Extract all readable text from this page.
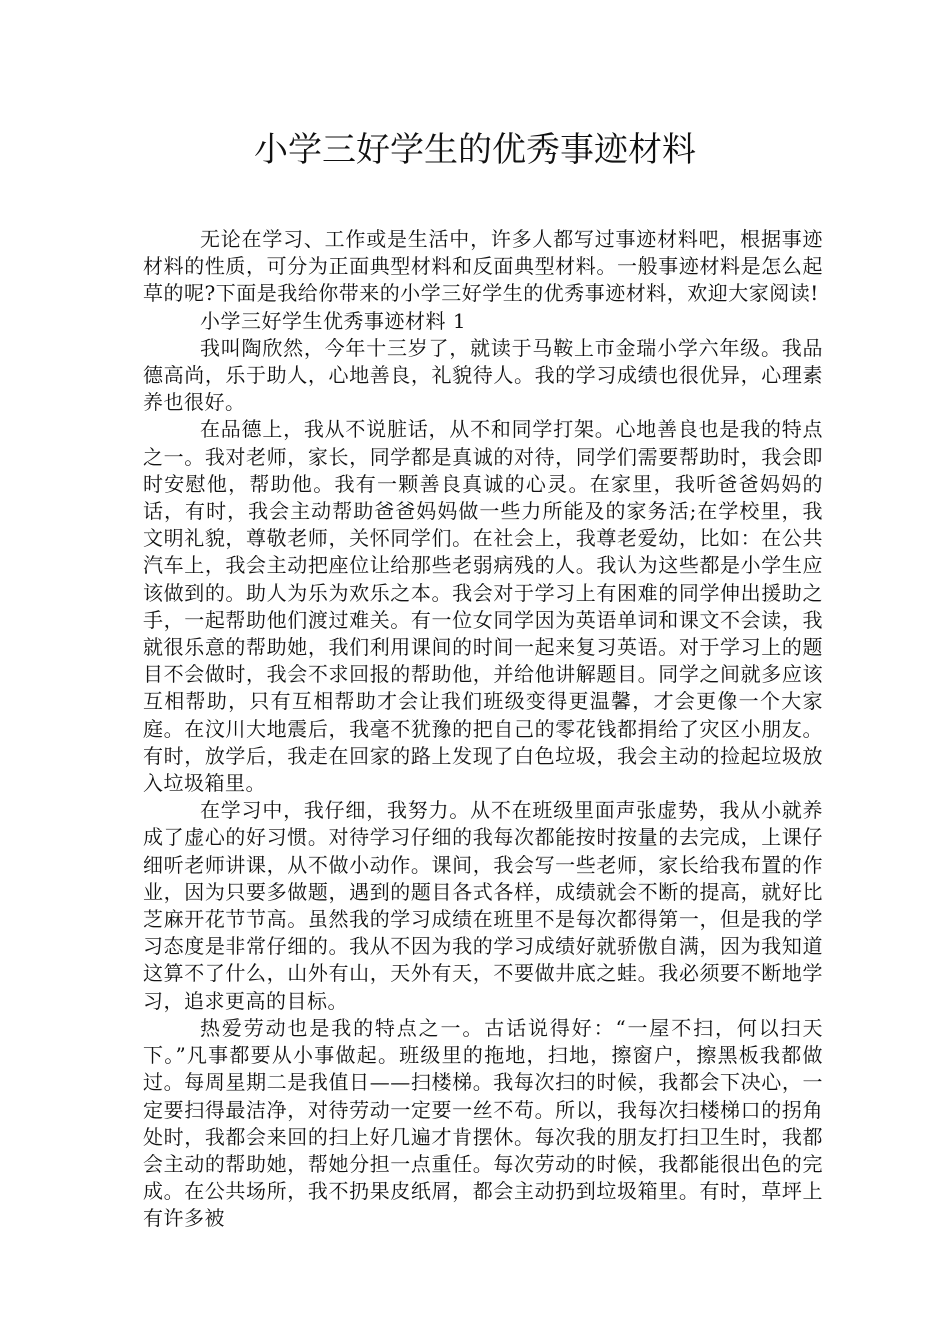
小学三好学生的优秀事迹材料

无论在学习、工作或是生活中，许多人都写过事迹材料吧，根据事迹材料的性质，可分为正面典型材料和反面典型材料。一般事迹材料是怎么起草的呢?下面是我给你带来的小学三好学生的优秀事迹材料，欢迎大家阅读!

小学三好学生优秀事迹材料 1

我叫陶欣然，今年十三岁了，就读于马鞍上市金瑞小学六年级。我品德高尚，乐于助人，心地善良，礼貌待人。我的学习成绩也很优异，心理素养也很好。

在品德上，我从不说脏话，从不和同学打架。心地善良也是我的特点之一。我对老师，家长，同学都是真诚的对待，同学们需要帮助时，我会即时安慰他，帮助他。我有一颗善良真诚的心灵。在家里，我听爸爸妈妈的话，有时，我会主动帮助爸爸妈妈做一些力所能及的家务活;在学校里，我文明礼貌，尊敬老师，关怀同学们。在社会上，我尊老爱幼，比如：在公共汽车上，我会主动把座位让给那些老弱病残的人。我认为这些都是小学生应该做到的。助人为乐为欢乐之本。我会对于学习上有困难的同学伸出援助之手，一起帮助他们渡过难关。有一位女同学因为英语单词和课文不会读，我就很乐意的帮助她，我们利用课间的时间一起来复习英语。对于学习上的题目不会做时，我会不求回报的帮助他，并给他讲解题目。同学之间就多应该互相帮助，只有互相帮助才会让我们班级变得更温馨，才会更像一个大家庭。在汶川大地震后，我毫不犹豫的把自己的零花钱都捐给了灾区小朋友。有时，放学后，我走在回家的路上发现了白色垃圾，我会主动的捡起垃圾放入垃圾箱里。

在学习中，我仔细，我努力。从不在班级里面声张虚势，我从小就养成了虚心的好习惯。对待学习仔细的我每次都能按时按量的去完成，上课仔细听老师讲课，从不做小动作。课间，我会写一些老师，家长给我布置的作业，因为只要多做题，遇到的题目各式各样，成绩就会不断的提高，就好比芝麻开花节节高。虽然我的学习成绩在班里不是每次都得第一，但是我的学习态度是非常仔细的。我从不因为我的学习成绩好就骄傲自满，因为我知道这算不了什么，山外有山，天外有天，不要做井底之蛙。我必须要不断地学习，追求更高的目标。

热爱劳动也是我的特点之一。古话说得好：“一屋不扫，何以扫天下。”凡事都要从小事做起。班级里的拖地，扫地，擦窗户，擦黑板我都做过。每周星期二是我值日——扫楼梯。我每次扫的时候，我都会下决心，一定要扫得最洁净，对待劳动一定要一丝不苟。所以，我每次扫楼梯口的拐角处时，我都会来回的扫上好几遍才肯摆休。每次我的朋友打扫卫生时，我都会主动的帮助她，帮她分担一点重任。每次劳动的时候，我都能很出色的完成。在公共场所，我不扔果皮纸屑，都会主动扔到垃圾箱里。有时，草坪上有许多被
